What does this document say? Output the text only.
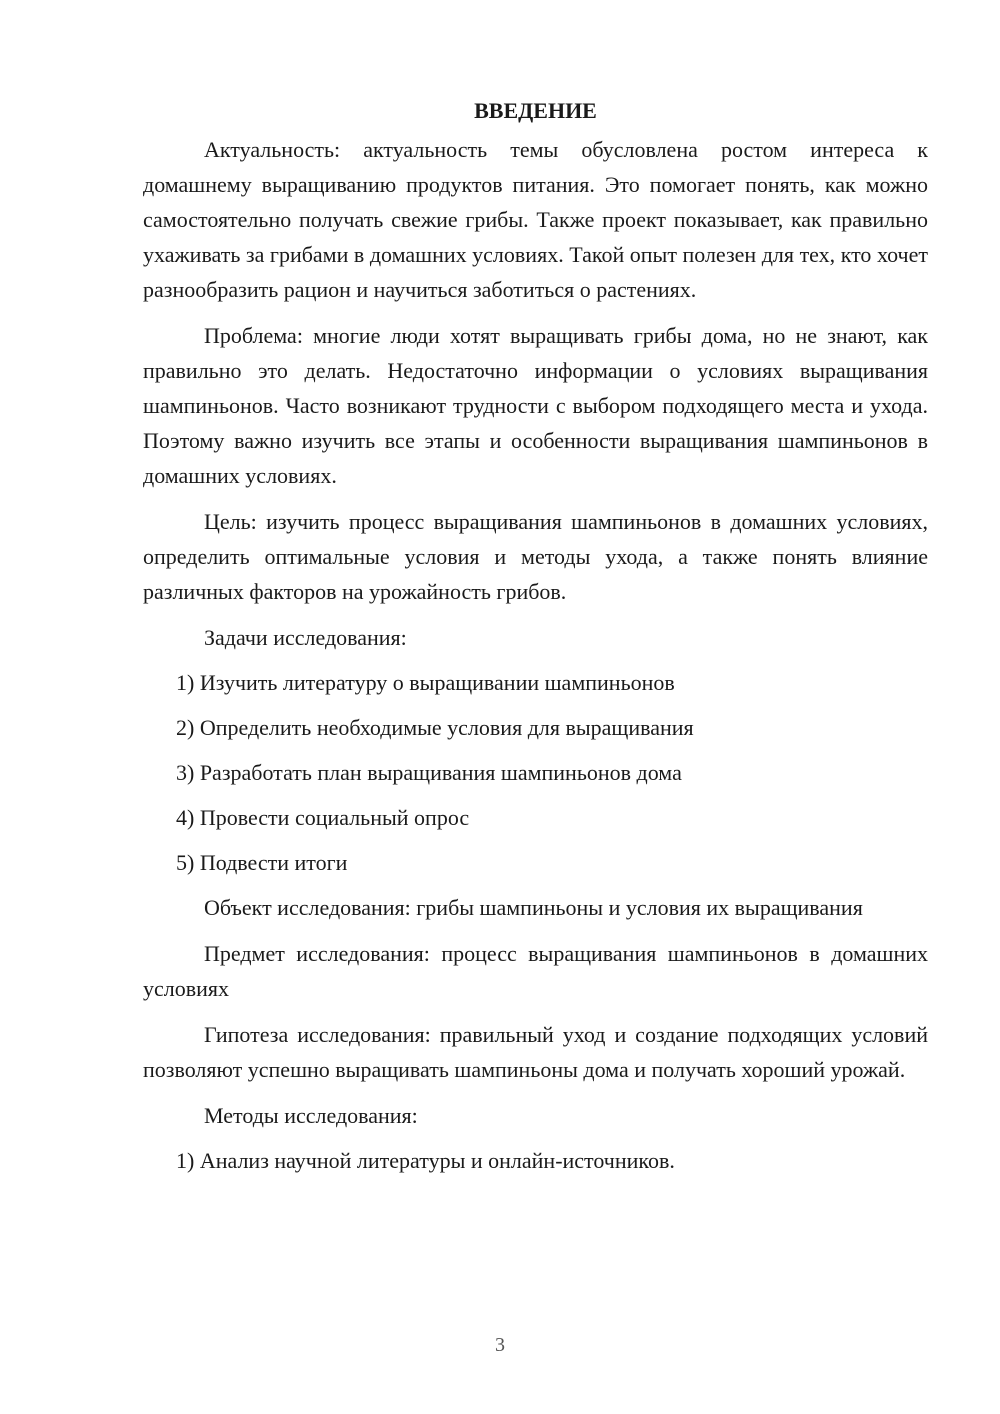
ВВЕДЕНИЕ
Актуальность: актуальность темы обусловлена ростом интереса к домашнему выращиванию продуктов питания. Это помогает понять, как можно самостоятельно получать свежие грибы. Также проект показывает, как правильно ухаживать за грибами в домашних условиях. Такой опыт полезен для тех, кто хочет разнообразить рацион и научиться заботиться о растениях.
Проблема: многие люди хотят выращивать грибы дома, но не знают, как правильно это делать. Недостаточно информации о условиях выращивания шампиньонов. Часто возникают трудности с выбором подходящего места и ухода. Поэтому важно изучить все этапы и особенности выращивания шампиньонов в домашних условиях.
Цель: изучить процесс выращивания шампиньонов в домашних условиях, определить оптимальные условия и методы ухода, а также понять влияние различных факторов на урожайность грибов.
Задачи исследования:
1) Изучить литературу о выращивании шампиньонов
2) Определить необходимые условия для выращивания
3) Разработать план выращивания шампиньонов дома
4) Провести социальный опрос
5) Подвести итоги
Объект исследования: грибы шампиньоны и условия их выращивания
Предмет исследования: процесс выращивания шампиньонов в домашних условиях
Гипотеза исследования: правильный уход и создание подходящих условий позволяют успешно выращивать шампиньоны дома и получать хороший урожай.
Методы исследования:
1) Анализ научной литературы и онлайн-источников.
3
